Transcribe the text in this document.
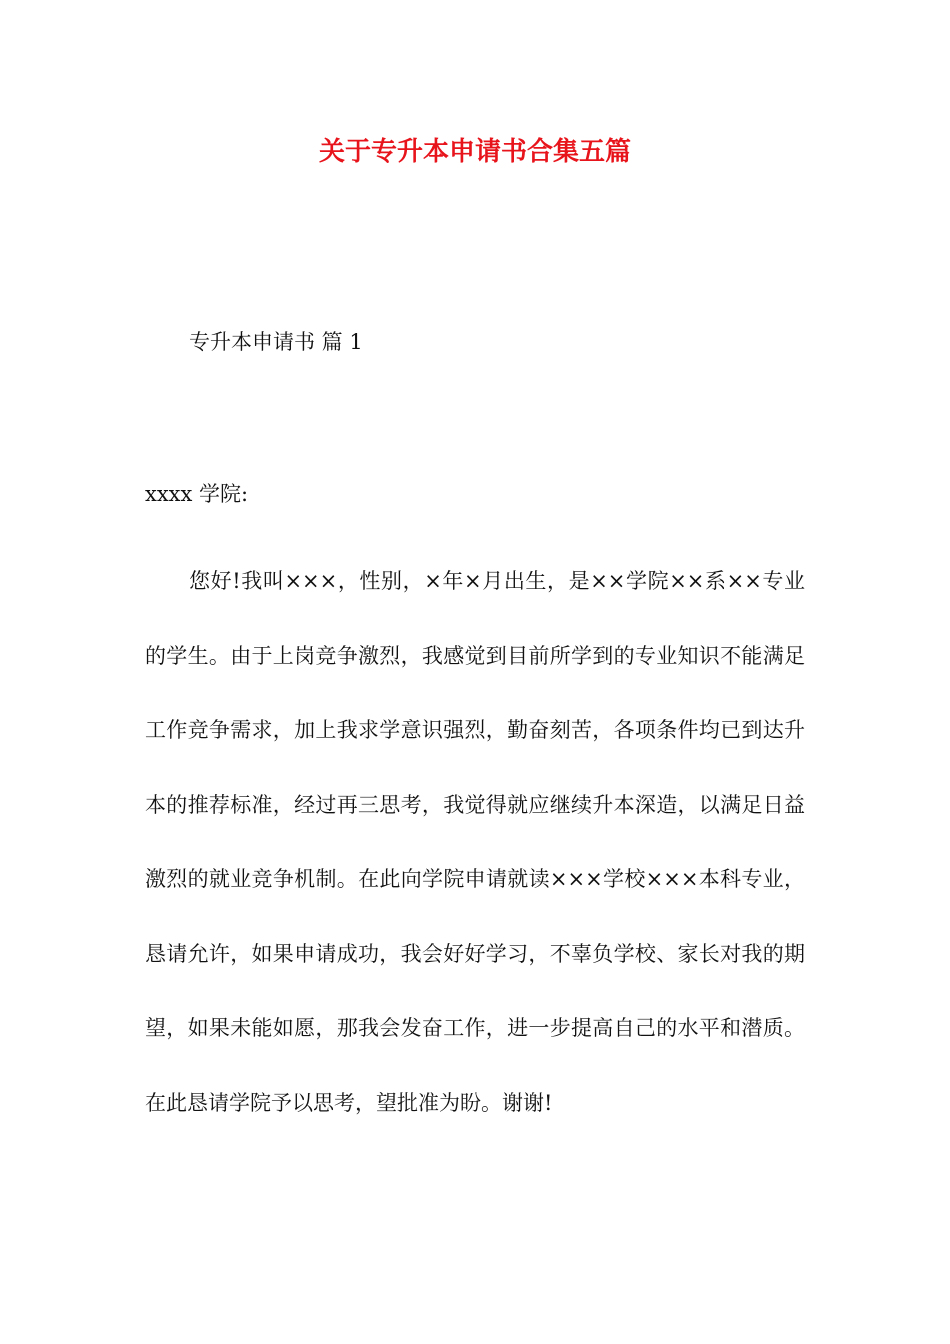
关于专升本申请书合集五篇

专升本申请书 篇 1

xxxx 学院:

您好!我叫×××，性别，×年×月出生，是××学院××系××专业的学生。由于上岗竞争激烈，我感觉到目前所学到的专业知识不能满足工作竞争需求，加上我求学意识强烈，勤奋刻苦，各项条件均已到达升本的推荐标准，经过再三思考，我觉得就应继续升本深造，以满足日益激烈的就业竞争机制。在此向学院申请就读×××学校×××本科专业，恳请允许，如果申请成功，我会好好学习，不辜负学校、家长对我的期望，如果未能如愿，那我会发奋工作，进一步提高自己的水平和潜质。在此恳请学院予以思考，望批准为盼。谢谢!
